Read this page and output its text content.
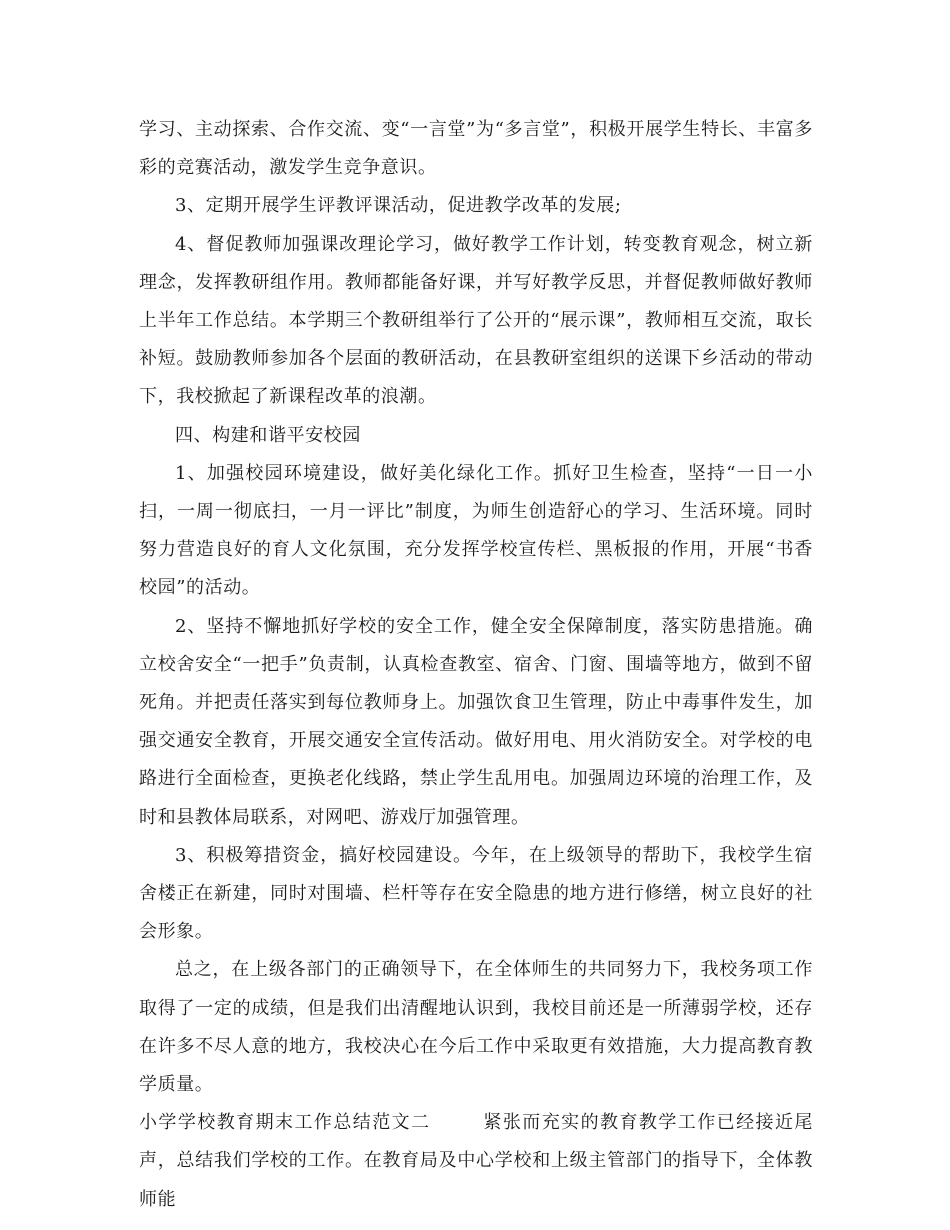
学习、主动探索、合作交流、变“一言堂”为“多言堂”，积极开展学生特长、丰富多彩的竞赛活动，激发学生竞争意识。

3、定期开展学生评教评课活动，促进教学改革的发展;

4、督促教师加强课改理论学习，做好教学工作计划，转变教育观念，树立新理念，发挥教研组作用。教师都能备好课，并写好教学反思，并督促教师做好教师上半年工作总结。本学期三个教研组举行了公开的“展示课”，教师相互交流，取长补短。鼓励教师参加各个层面的教研活动，在县教研室组织的送课下乡活动的带动下，我校掀起了新课程改革的浪潮。

四、构建和谐平安校园

1、加强校园环境建设，做好美化绿化工作。抓好卫生检查，坚持“一日一小扫，一周一彻底扫，一月一评比”制度，为师生创造舒心的学习、生活环境。同时努力营造良好的育人文化氛围，充分发挥学校宣传栏、黑板报的作用，开展“书香校园”的活动。

2、坚持不懈地抓好学校的安全工作，健全安全保障制度，落实防患措施。确立校舍安全“一把手”负责制，认真检查教室、宿舍、门窗、围墙等地方，做到不留死角。并把责任落实到每位教师身上。加强饮食卫生管理，防止中毒事件发生，加强交通安全教育，开展交通安全宣传活动。做好用电、用火消防安全。对学校的电路进行全面检查，更换老化线路，禁止学生乱用电。加强周边环境的治理工作，及时和县教体局联系，对网吧、游戏厅加强管理。

3、积极筹措资金，搞好校园建设。今年，在上级领导的帮助下，我校学生宿舍楼正在新建，同时对围墙、栏杆等存在安全隐患的地方进行修缮，树立良好的社会形象。

总之，在上级各部门的正确领导下，在全体师生的共同努力下，我校务项工作取得了一定的成绩，但是我们出清醒地认识到，我校目前还是一所薄弱学校，还存在许多不尽人意的地方，我校决心在今后工作中采取更有效措施，大力提高教育教学质量。

小学学校教育期末工作总结范文二	紧张而充实的教育教学工作已经接近尾声，总结我们学校的工作。在教育局及中心学校和上级主管部门的指导下，全体教师能
